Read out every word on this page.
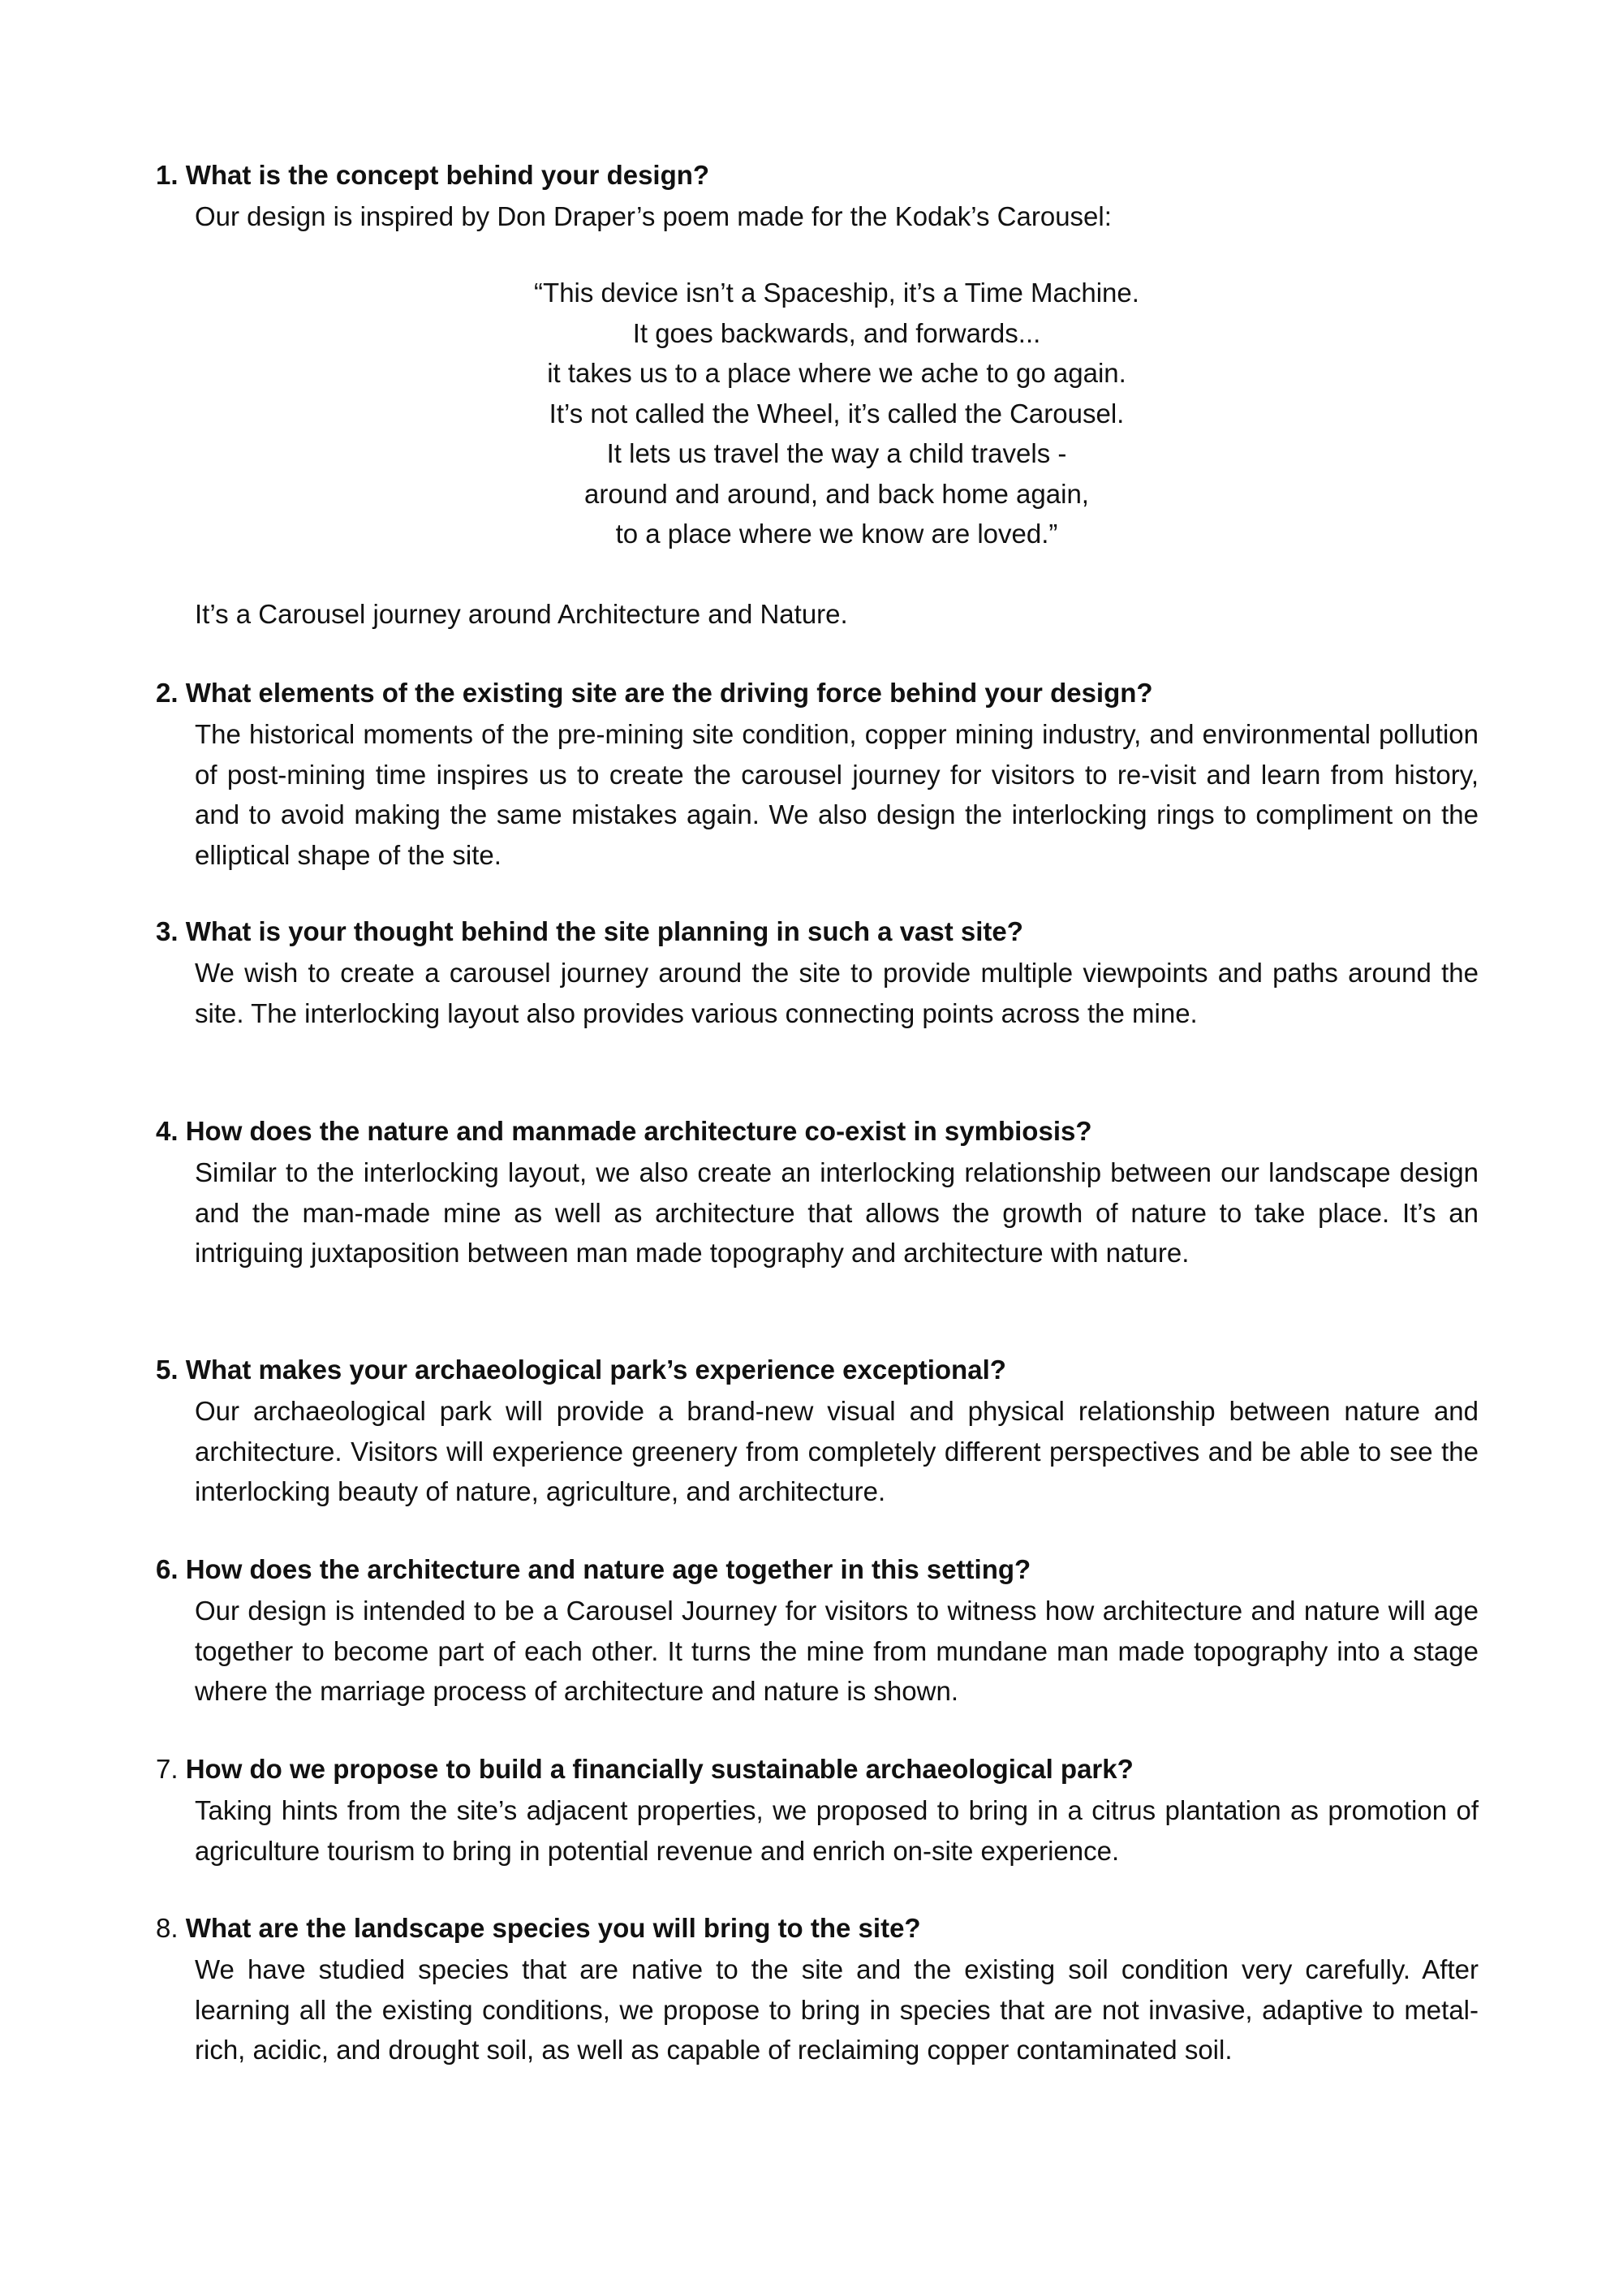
1. What is the concept behind your design?
Our design is inspired by Don Draper’s poem made for the Kodak’s Carousel:
“This device isn’t a Spaceship, it’s a Time Machine.
It goes backwards, and forwards...
it takes us to a place where we ache to go again.
It’s not called the Wheel, it’s called the Carousel.
It lets us travel the way a child travels -
around and around, and back home again,
to a place where we know are loved.”
It’s a Carousel journey around Architecture and Nature.
2. What elements of the existing site are the driving force behind your design?
The historical moments of the pre-mining site condition, copper mining industry, and environmental pollution of post-mining time inspires us to create the carousel journey for visitors to re-visit and learn from history, and to avoid making the same mistakes again. We also design the interlocking rings to compliment on the elliptical shape of the site.
3. What is your thought behind the site planning in such a vast site?
We wish to create a carousel journey around the site to provide multiple viewpoints and paths around the site. The interlocking layout also provides various connecting points across the mine.
4. How does the nature and manmade architecture co-exist in symbiosis?
Similar to the interlocking layout, we also create an interlocking relationship between our landscape design and the man-made mine as well as architecture that allows the growth of nature to take place. It’s an intriguing juxtaposition between man made topography and architecture with nature.
5. What makes your archaeological park’s experience exceptional?
Our archaeological park will provide a brand-new visual and physical relationship between nature and architecture. Visitors will experience greenery from completely different perspectives and be able to see the interlocking beauty of nature, agriculture, and architecture.
6. How does the architecture and nature age together in this setting?
Our design is intended to be a Carousel Journey for visitors to witness how architecture and nature will age together to become part of each other. It turns the mine from mundane man made topography into a stage where the marriage process of architecture and nature is shown.
7. How do we propose to build a financially sustainable archaeological park?
Taking hints from the site’s adjacent properties, we proposed to bring in a citrus plantation as promotion of agriculture tourism to bring in potential revenue and enrich on-site experience.
8. What are the landscape species you will bring to the site?
We have studied species that are native to the site and the existing soil condition very carefully. After learning all the existing conditions, we propose to bring in species that are not invasive, adaptive to metal-rich, acidic, and drought soil, as well as capable of reclaiming copper contaminated soil.
